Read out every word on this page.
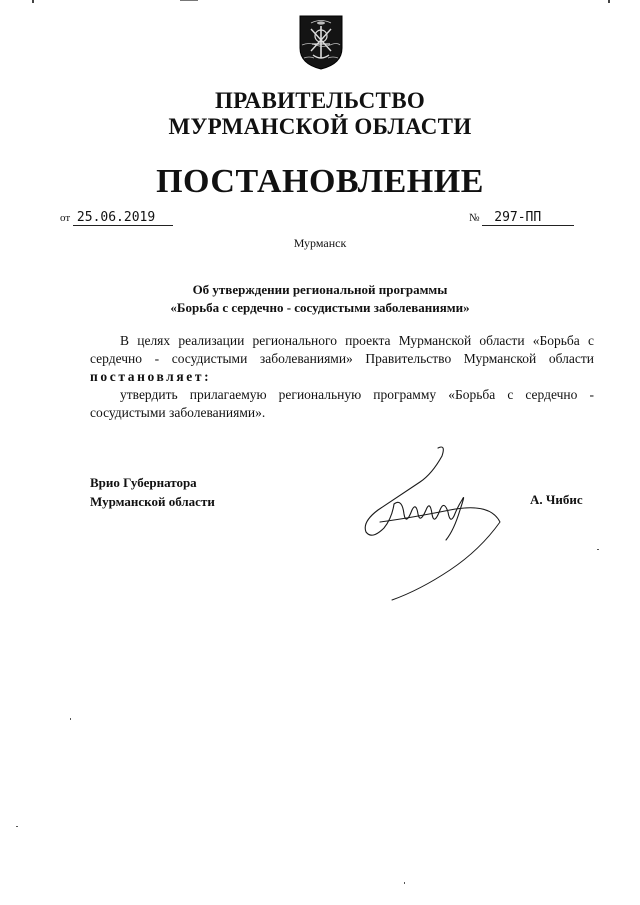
ПРАВИТЕЛЬСТВО
МУРМАНСКОЙ ОБЛАСТИ
ПОСТАНОВЛЕНИЕ
от 25.06.2019	№ 297-ПП
Мурманск
Об утверждении региональной программы
«Борьба с сердечно - сосудистыми заболеваниями»

В целях реализации регионального проекта Мурманской области «Борьба с сердечно - сосудистыми заболеваниями» Правительство Мурманской области постановляет:

утвердить прилагаемую региональную программу «Борьба с сердечно - сосудистыми заболеваниями».

Врио Губернатора
Мурманской области	А. Чибис
